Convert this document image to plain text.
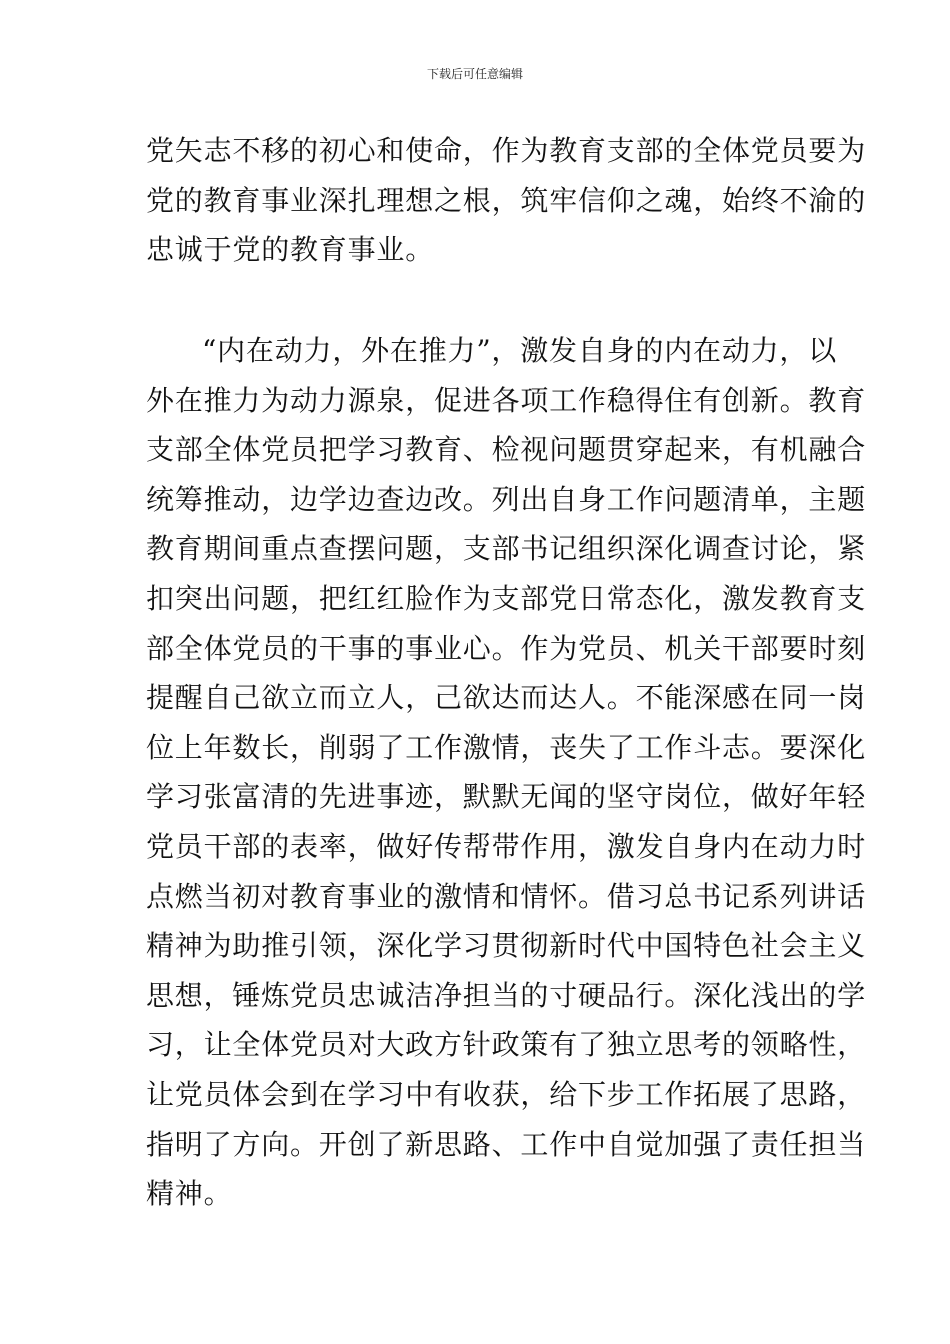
下载后可任意编辑
党矢志不移的初心和使命，作为教育支部的全体党员要为
党的教育事业深扎理想之根，筑牢信仰之魂，始终不渝的
忠诚于党的教育事业。
“内在动力，外在推力”，激发自身的内在动力，以
外在推力为动力源泉，促进各项工作稳得住有创新。教育
支部全体党员把学习教育、检视问题贯穿起来，有机融合
统筹推动，边学边查边改。列出自身工作问题清单，主题
教育期间重点查摆问题，支部书记组织深化调查讨论，紧
扣突出问题，把红红脸作为支部党日常态化，激发教育支
部全体党员的干事的事业心。作为党员、机关干部要时刻
提醒自己欲立而立人，己欲达而达人。不能深感在同一岗
位上年数长，削弱了工作激情，丧失了工作斗志。要深化
学习张富清的先进事迹，默默无闻的坚守岗位，做好年轻
党员干部的表率，做好传帮带作用，激发自身内在动力时
点燃当初对教育事业的激情和情怀。借习总书记系列讲话
精神为助推引领，深化学习贯彻新时代中国特色社会主义
思想，锤炼党员忠诚洁净担当的寸硬品行。深化浅出的学
习，让全体党员对大政方针政策有了独立思考的领略性，
让党员体会到在学习中有收获，给下步工作拓展了思路，
指明了方向。开创了新思路、工作中自觉加强了责任担当
精神。
